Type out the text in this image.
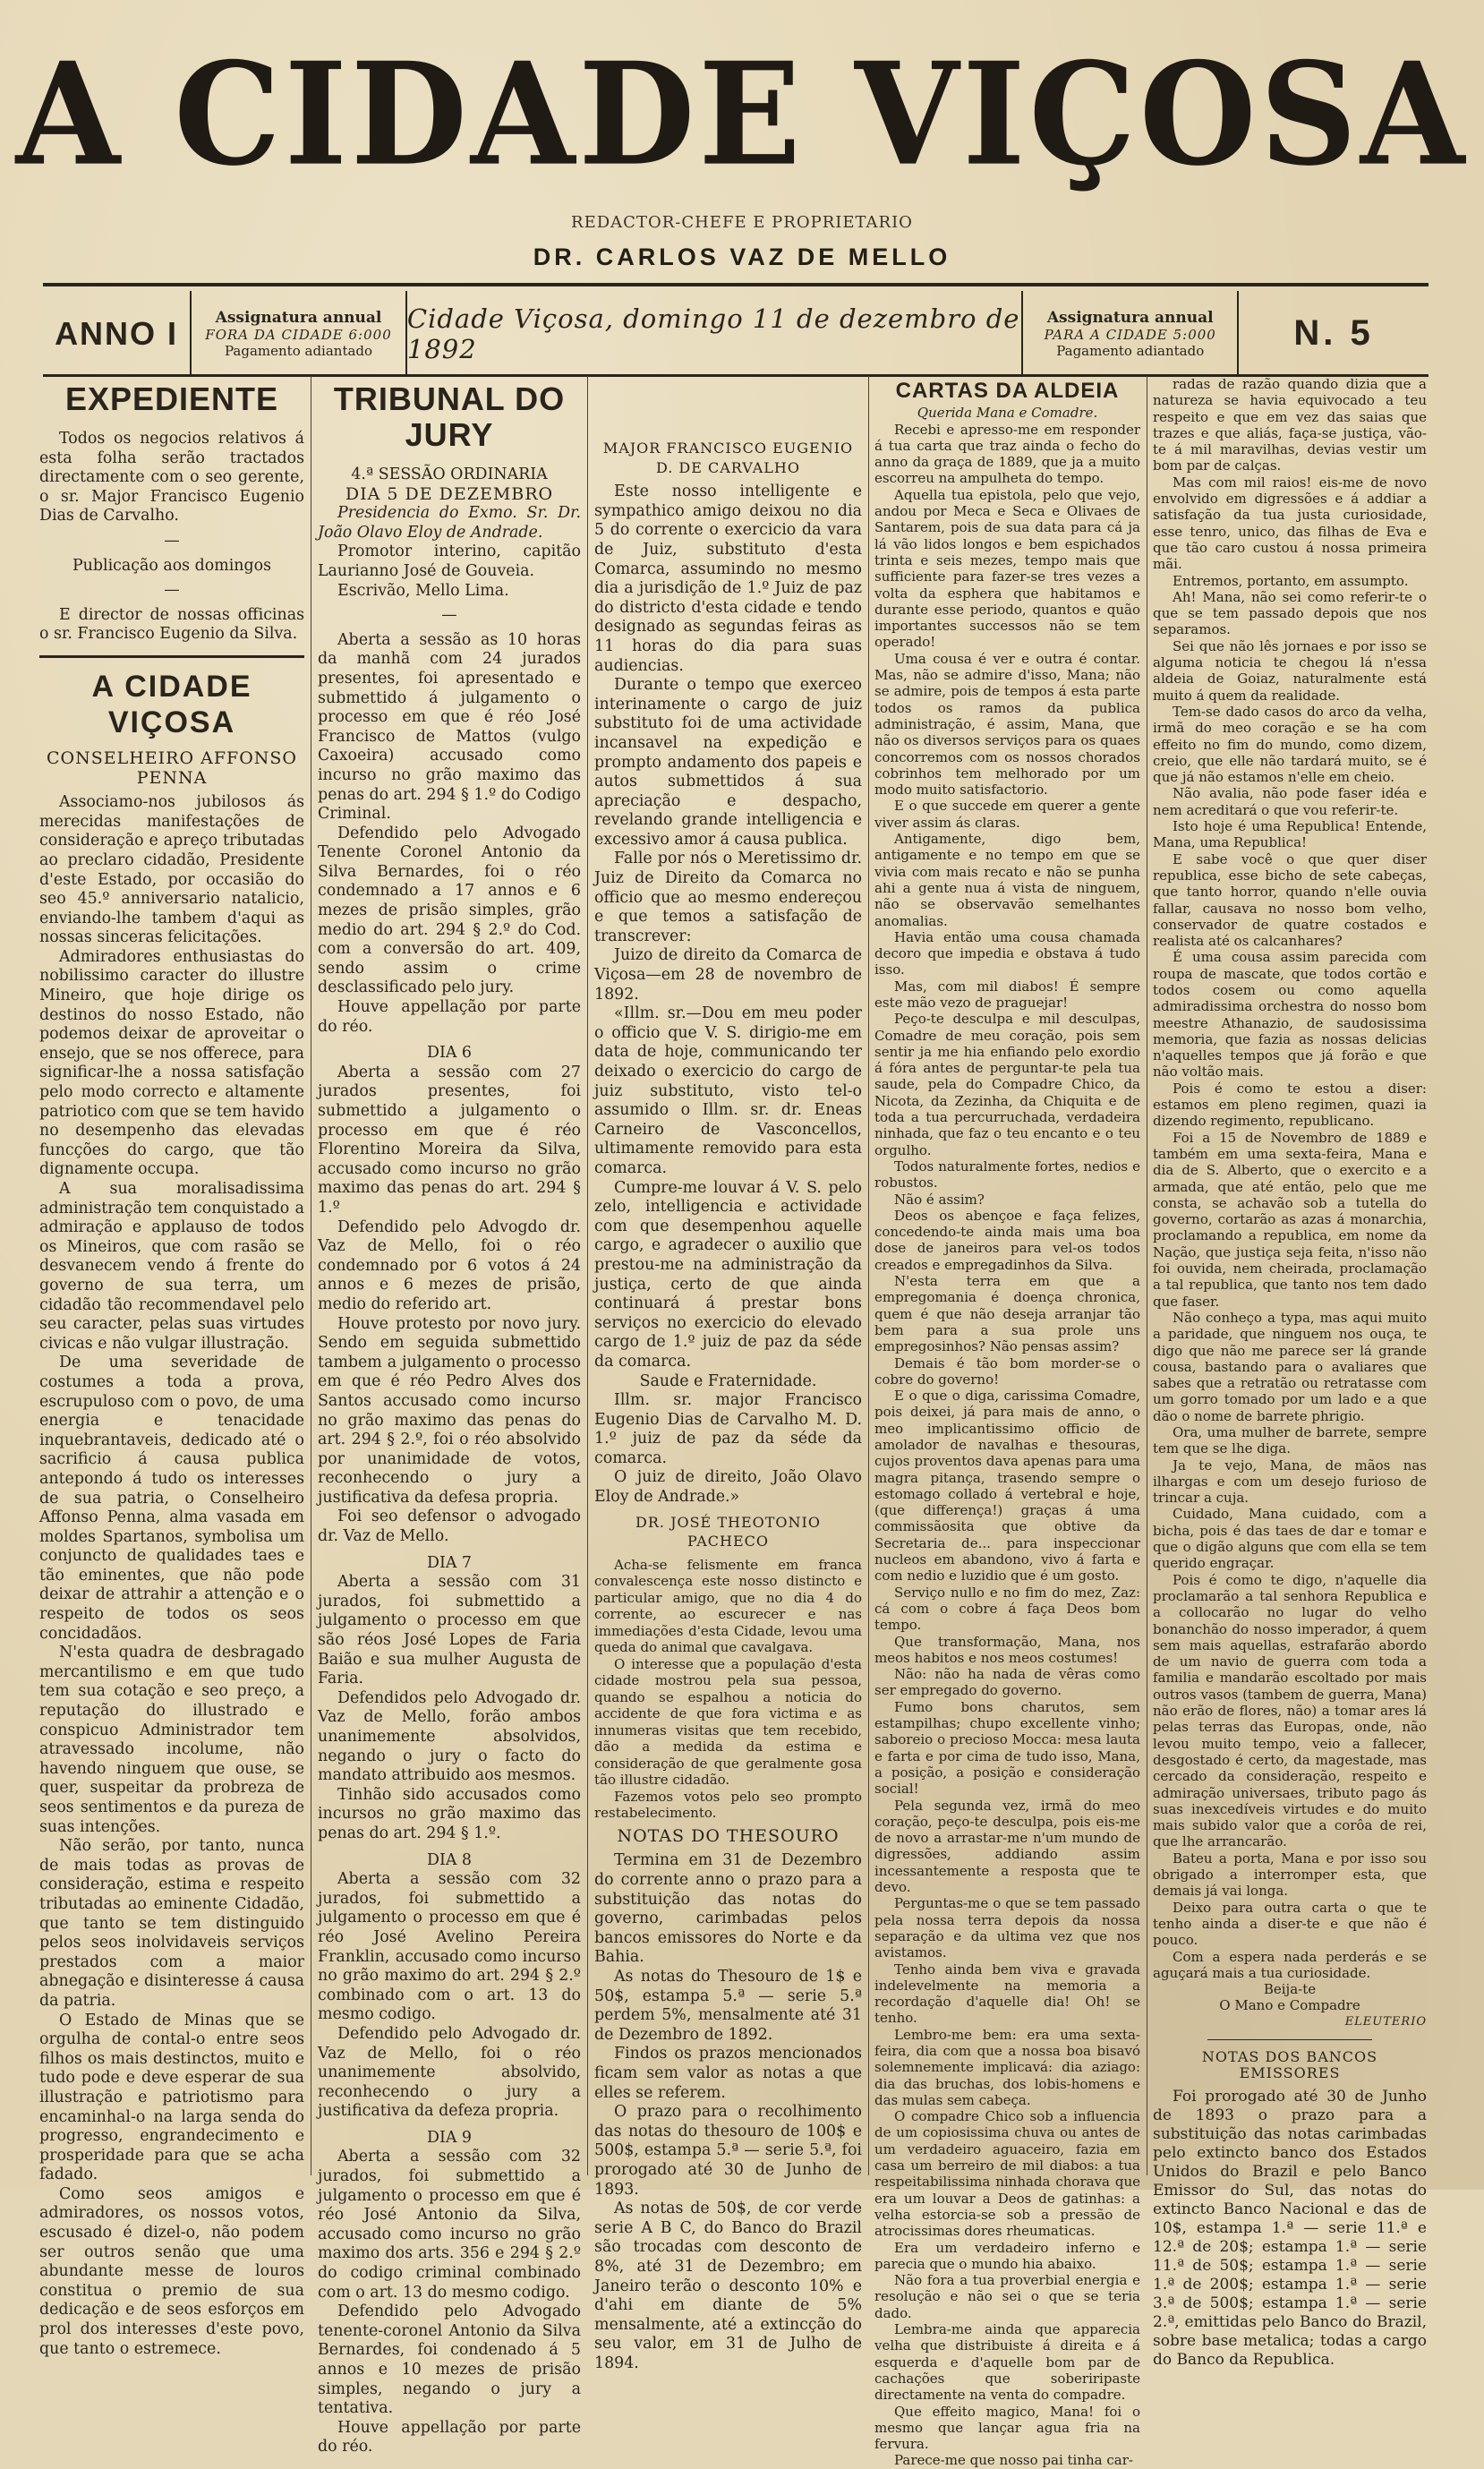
A CIDADE VIÇOSA
REDACTOR-CHEFE E PROPRIETARIO
DR. CARLOS VAZ DE MELLO
ANNO I Assignatura annual
FORA DA CIDADE 6:000
Pagamento adiantado
Cidade Viçosa, domingo 11 de dezembro de 1892
Assignatura annual
PARA A CIDADE 5:000
Pagamento adiantado	N. 5
EXPEDIENTE

Todos os negocios relativos á esta folha serão tractados directamente com o seo gerente, o sr. Major Francisco Eugenio Dias de Carvalho.

—

Publicação aos domingos

—

E director de nossas officinas o sr. Francisco Eugenio da Silva.

A CIDADE VIÇOSA
CONSELHEIRO AFFONSO PENNA

Associamo-nos jubilosos ás merecidas manifestações de consideração e apreço tributadas ao preclaro cidadão, Presidente d'este Estado, por occasião do seo 45.º anniversario natalicio, enviando-lhe tambem d'aqui as nossas sinceras felicitações.

Admiradores enthusiastas do nobilissimo caracter do illustre Mineiro, que hoje dirige os destinos do nosso Estado, não podemos deixar de aproveitar o ensejo, que se nos offerece, para significar-lhe a nossa satisfação pelo modo correcto e altamente patriotico com que se tem havido no desempenho das elevadas funcções do cargo, que tão dignamente occupa.

A sua moralisadissima administração tem conquistado a admiração e applauso de todos os Mineiros, que com rasão se desvanecem vendo á frente do governo de sua terra, um cidadão tão recommendavel pelo seu caracter, pelas suas virtudes civicas e não vulgar illustração.

De uma severidade de costumes a toda a prova, escrupuloso com o povo, de uma energia e tenacidade inquebrantaveis, dedicado até o sacrificio á causa publica antepondo á tudo os interesses de sua patria, o Conselheiro Affonso Penna, alma vasada em moldes Spartanos, symbolisa um conjuncto de qualidades taes e tão eminentes, que não pode deixar de attrahir a attenção e o respeito de todos os seos concidadãos.

N'esta quadra de desbragado mercantilismo e em que tudo tem sua cotação e seo preço, a reputação do illustrado e conspicuo Administrador tem atravessado incolume, não havendo ninguem que ouse, se quer, suspeitar da probreza de seos sentimentos e da pureza de suas intenções.

Não serão, por tanto, nunca de mais todas as provas de consideração, estima e respeito tributadas ao eminente Cidadão, que tanto se tem distinguido pelos seos inolvidaveis serviços prestados com a maior abnegação e disinteresse á causa da patria.

O Estado de Minas que se orgulha de contal-o entre seos filhos os mais destinctos, muito e tudo pode e deve esperar de sua illustração e patriotismo para encaminhal-o na larga senda do progresso, engrandecimento e prosperidade para que se acha fadado.

Como seos amigos e admiradores, os nossos votos, escusado é dizel-o, não podem ser outros senão que uma abundante messe de louros constitua o premio de sua dedicação e de seos esforços em prol dos interesses d'este povo, que tanto o estremece.

TRIBUNAL DO JURY

4.ª SESSÃO ORDINARIA

DIA 5 DE DEZEMBRO

Presidencia do Exmo. Sr. Dr. João Olavo Eloy de Andrade.

Promotor interino, capitão Laurianno José de Gouveia.

Escrivão, Mello Lima.

—

Aberta a sessão as 10 horas da manhã com 24 jurados presentes, foi apresentado e submettido á julgamento o processo em que é réo José Francisco de Mattos (vulgo Caxoeira) accusado como incurso no grão maximo das penas do art. 294 § 1.º do Codigo Criminal.

Defendido pelo Advogado Tenente Coronel Antonio da Silva Bernardes, foi o réo condemnado a 17 annos e 6 mezes de prisão simples, grão medio do art. 294 § 2.º do Cod. com a conversão do art. 409, sendo assim o crime desclassificado pelo jury.

Houve appellação por parte do réo.

DIA 6

Aberta a sessão com 27 jurados presentes, foi submettido a julgamento o processo em que é réo Florentino Moreira da Silva, accusado como incurso no grão maximo das penas do art. 294 § 1.º

Defendido pelo Advogdo dr. Vaz de Mello, foi o réo condemnado por 6 votos á 24 annos e 6 mezes de prisão, medio do referido art.

Houve protesto por novo jury. Sendo em seguida submettido tambem a julgamento o processo em que é réo Pedro Alves dos Santos accusado como incurso no grão maximo das penas do art. 294 § 2.º, foi o réo absolvido por unanimidade de votos, reconhecendo o jury a justificativa da defesa propria.

Foi seo defensor o advogado dr. Vaz de Mello.

DIA 7

Aberta a sessão com 31 jurados, foi submettido a julgamento o processo em que são réos José Lopes de Faria Baião e sua mulher Augusta de Faria.

Defendidos pelo Advogado dr. Vaz de Mello, forão ambos unanimemente absolvidos, negando o jury o facto do mandato attribuido aos mesmos.

Tinhão sido accusados como incursos no grão maximo das penas do art. 294 § 1.º.

DIA 8

Aberta a sessão com 32 jurados, foi submettido a julgamento o processo em que é réo José Avelino Pereira Franklin, accusado como incurso no grão maximo do art. 294 § 2.º combinado com o art. 13 do mesmo codigo.

Defendido pelo Advogado dr. Vaz de Mello, foi o réo unanimemente absolvido, reconhecendo o jury a justificativa da defeza propria.

DIA 9

Aberta a sessão com 32 jurados, foi submettido a julgamento o processo em que é réo José Antonio da Silva, accusado como incurso no grão maximo dos arts. 356 e 294 § 2.º do codigo criminal combinado com o art. 13 do mesmo codigo.

Defendido pelo Advogado tenente-coronel Antonio da Silva Bernardes, foi condenado á 5 annos e 10 mezes de prisão simples, negando o jury a tentativa.

Houve appellação por parte do réo.

MAJOR FRANCISCO EUGENIO D. DE CARVALHO

Este nosso intelligente e sympathico amigo deixou no dia 5 do corrente o exercicio da vara de Juiz, substituto d'esta Comarca, assumindo no mesmo dia a jurisdição de 1.º Juiz de paz do districto d'esta cidade e tendo designado as segundas feiras as 11 horas do dia para suas audiencias.

Durante o tempo que exerceo interinamente o cargo de juiz substituto foi de uma actividade incansavel na expedição e prompto andamento dos papeis e autos submettidos á sua apreciação e despacho, revelando grande intelligencia e excessivo amor á causa publica.

Falle por nós o Meretissimo dr. Juiz de Direito da Comarca no officio que ao mesmo endereçou e que temos a satisfação de transcrever:

Juizo de direito da Comarca de Viçosa—em 28 de novembro de 1892.

«Illm. sr.—Dou em meu poder o officio que V. S. dirigio-me em data de hoje, communicando ter deixado o exercicio do cargo de juiz substituto, visto tel-o assumido o Illm. sr. dr. Eneas Carneiro de Vasconcellos, ultimamente removido para esta comarca.

Cumpre-me louvar á V. S. pelo zelo, intelligencia e actividade com que desempenhou aquelle cargo, e agradecer o auxilio que prestou-me na administração da justiça, certo de que ainda continuará á prestar bons serviços no exercicio do elevado cargo de 1.º juiz de paz da séde da comarca.

Saude e Fraternidade.

Illm. sr. major Francisco Eugenio Dias de Carvalho M. D. 1.º juiz de paz da séde da comarca.

O juiz de direito, João Olavo Eloy de Andrade.»

DR. JOSÉ THEOTONIO PACHECO

Acha-se felismente em franca convalescença este nosso distincto e particular amigo, que no dia 4 do corrente, ao escurecer e nas immediações d'esta Cidade, levou uma queda do animal que cavalgava.

O interesse que a população d'esta cidade mostrou pela sua pessoa, quando se espalhou a noticia do accidente de que fora victima e as innumeras visitas que tem recebido, dão a medida da estima e consideração de que geralmente gosa tão illustre cidadão.

Fazemos votos pelo seo prompto restabelecimento.

NOTAS DO THESOURO

Termina em 31 de Dezembro do corrente anno o prazo para a substituição das notas do governo, carimbadas pelos bancos emissores do Norte e da Bahia.

As notas do Thesouro de 1$ e 50$, estampa 5.ª — serie 5.ª perdem 5%, mensalmente até 31 de Dezembro de 1892.

Findos os prazos mencionados ficam sem valor as notas a que elles se referem.

O prazo para o recolhimento das notas do thesouro de 100$ e 500$, estampa 5.ª — serie 5.ª, foi prorogado até 30 de Junho de 1893.

As notas de 50$, de cor verde serie A B C, do Banco do Brazil são trocadas com desconto de 8%, até 31 de Dezembro; em Janeiro terão o desconto 10% e d'ahi em diante de 5% mensalmente, até a extincção do seu valor, em 31 de Julho de 1894.

CARTAS DA ALDEIA

Querida Mana e Comadre.

Recebi e apresso-me em responder á tua carta que traz ainda o fecho do anno da graça de 1889, que ja a muito escorreu na ampulheta do tempo.

Aquella tua epistola, pelo que vejo, andou por Meca e Seca e Olivaes de Santarem, pois de sua data para cá ja lá vão lidos longos e bem espichados trinta e seis mezes, tempo mais que sufficiente para fazer-se tres vezes a volta da esphera que habitamos e durante esse periodo, quantos e quão importantes successos não se tem operado!

Uma cousa é ver e outra é contar. Mas, não se admire d'isso, Mana; não se admire, pois de tempos á esta parte todos os ramos da publica administração, é assim, Mana, que não os diversos serviços para os quaes concorremos com os nossos chorados cobrinhos tem melhorado por um modo muito satisfactorio.

E o que succede em querer a gente viver assim ás claras.

Antigamente, digo bem, antigamente e no tempo em que se vivia com mais recato e não se punha ahi a gente nua á vista de ninguem, não se observavão semelhantes anomalias.

Havia então uma cousa chamada decoro que impedia e obstava á tudo isso.

Mas, com mil diabos! É sempre este mão vezo de praguejar!

Peço-te desculpa e mil desculpas, Comadre de meu coração, pois sem sentir ja me hia enfiando pelo exordio á fóra antes de perguntar-te pela tua saude, pela do Compadre Chico, da Nicota, da Zezinha, da Chiquita e de toda a tua percurruchada, verdadeira ninhada, que faz o teu encanto e o teu orgulho.

Todos naturalmente fortes, nedios e robustos.

Não é assim?

Deos os abençoe e faça felizes, concedendo-te ainda mais uma boa dose de janeiros para vel-os todos creados e empregadinhos da Silva.

N'esta terra em que a empregomania é doença chronica, quem é que não deseja arranjar tão bem para a sua prole uns empregosinhos? Não pensas assim?

Demais é tão bom morder-se o cobre do governo!

E o que o diga, carissima Comadre, pois deixei, já para mais de anno, o meo implicantissimo officio de amolador de navalhas e thesouras, cujos proventos dava apenas para uma magra pitança, trasendo sempre o estomago collado á vertebral e hoje, (que differença!) graças á uma commissãosita que obtive da Secretaria de... para inspeccionar nucleos em abandono, vivo á farta e com nedio e luzidio que é um gosto.

Serviço nullo e no fim do mez, Zaz: cá com o cobre á faça Deos bom tempo.

Que transformação, Mana, nos meos habitos e nos meos costumes!

Não: não ha nada de vêras como ser empregado do governo.

Fumo bons charutos, sem estampilhas; chupo excellente vinho; saboreio o precioso Mocca: mesa lauta e farta e por cima de tudo isso, Mana, a posição, a posição e consideração social!

Pela segunda vez, irmã do meo coração, peço-te desculpa, pois eis-me de novo a arrastar-me n'um mundo de digressões, addiando assim incessantemente a resposta que te devo.

Perguntas-me o que se tem passado pela nossa terra depois da nossa separação e da ultima vez que nos avistamos.

Tenho ainda bem viva e gravada indelevelmente na memoria a recordação d'aquelle dia! Oh! se tenho.

Lembro-me bem: era uma sexta-feira, dia com que a nossa boa bisavó solemnemente implicavá: dia aziago: dia das bruchas, dos lobis-homens e das mulas sem cabeça.

O compadre Chico sob a influencia de um copiosissima chuva ou antes de um verdadeiro aguaceiro, fazia em casa um berreiro de mil diabos: a tua respeitabilissima ninhada chorava que era um louvar a Deos de gatinhas: a velha estorcia-se sob a pressão de atrocissimas dores rheumaticas.

Era um verdadeiro inferno e parecia que o mundo hia abaixo.

Não fora a tua proverbial energia e resolução e não sei o que se teria dado.

Lembra-me ainda que apparecia velha que distribuiste á direita e á esquerda e d'aquelle bom par de cachações que soberiripaste directamente na venta do compadre.

Que effeito magico, Mana! foi o mesmo que lançar agua fria na fervura.

Parece-me que nosso pai tinha car-

radas de razão quando dizia que a natureza se havia equivocado a teu respeito e que em vez das saias que trazes e que aliás, faça-se justiça, vão-te á mil maravilhas, devias vestir um bom par de calças.

Mas com mil raios! eis-me de novo envolvido em digressões e á addiar a satisfação da tua justa curiosidade, esse tenro, unico, das filhas de Eva e que tão caro custou á nossa primeira mãi.

Entremos, portanto, em assumpto.

Ah! Mana, não sei como referir-te o que se tem passado depois que nos separamos.

Sei que não lês jornaes e por isso se alguma noticia te chegou lá n'essa aldeia de Goiaz, naturalmente está muito á quem da realidade.

Tem-se dado casos do arco da velha, irmã do meo coração e se ha com effeito no fim do mundo, como dizem, creio, que elle não tardará muito, se é que já não estamos n'elle em cheio.

Não avalia, não pode faser idéa e nem acreditará o que vou referir-te.

Isto hoje é uma Republica! Entende, Mana, uma Republica!

E sabe você o que quer diser republica, esse bicho de sete cabeças, que tanto horror, quando n'elle ouvia fallar, causava no nosso bom velho, conservador de quatre costados e realista até os calcanhares?

É uma cousa assim parecida com roupa de mascate, que todos cortão e todos cosem ou como aquella admiradissima orchestra do nosso bom meestre Athanazio, de saudosissima memoria, que fazia as nossas delicias n'aquelles tempos que já forão e que não voltão mais.

Pois é como te estou a diser: estamos em pleno regimen, quazi ia dizendo regimento, republicano.

Foi a 15 de Novembro de 1889 e também em uma sexta-feira, Mana e dia de S. Alberto, que o exercito e a armada, que até então, pelo que me consta, se achavão sob a tutella do governo, cortarão as azas á monarchia, proclamando a republica, em nome da Nação, que justiça seja feita, n'isso não foi ouvida, nem cheirada, proclamação a tal republica, que tanto nos tem dado que faser.

Não conheço a typa, mas aqui muito a paridade, que ninguem nos ouça, te digo que não me parece ser lá grande cousa, bastando para o avaliares que sabes que a retratão ou retratasse com um gorro tomado por um lado e a que dão o nome de barrete phrigio.

Ora, uma mulher de barrete, sempre tem que se lhe diga.

Ja te vejo, Mana, de mãos nas ilhargas e com um desejo furioso de trincar a cuja.

Cuidado, Mana cuidado, com a bicha, pois é das taes de dar e tomar e que o digão alguns que com ella se tem querido engraçar.

Pois é como te digo, n'aquelle dia proclamarão a tal senhora Republica e a collocarão no lugar do velho bonanchão do nosso imperador, á quem sem mais aquellas, estrafarão abordo de um navio de guerra com toda a familia e mandarão escoltado por mais outros vasos (tambem de guerra, Mana) não erão de flores, não) a tomar ares lá pelas terras das Europas, onde, não levou muito tempo, veio a fallecer, desgostado é certo, da magestade, mas cercado da consideração, respeito e admiração universaes, tributo pago ás suas inexcedíveis virtudes e do muito mais subido valor que a corôa de rei, que lhe arrancarão.

Bateu a porta, Mana e por isso sou obrigado a interromper esta, que demais já vai longa.

Deixo para outra carta o que te tenho ainda a diser-te e que não é pouco.

Com a espera nada perderás e se aguçará mais a tua curiosidade.

Beija-te

O Mano e Compadre

ELEUTERIO

NOTAS DOS BANCOS EMISSORES

Foi prorogado até 30 de Junho de 1893 o prazo para a substituição das notas carimbadas pelo extincto banco dos Estados Unidos do Brazil e pelo Banco Emissor do Sul, das notas do extincto Banco Nacional e das de 10$, estampa 1.ª — serie 11.ª e 12.ª de 20$; estampa 1.ª — serie 11.ª de 50$; estampa 1.ª — serie 1.ª de 200$; estampa 1.ª — serie 3.ª de 500$; estampa 1.ª — serie 2.ª, emittidas pelo Banco do Brazil, sobre base metalica; todas a cargo do Banco da Republica.
